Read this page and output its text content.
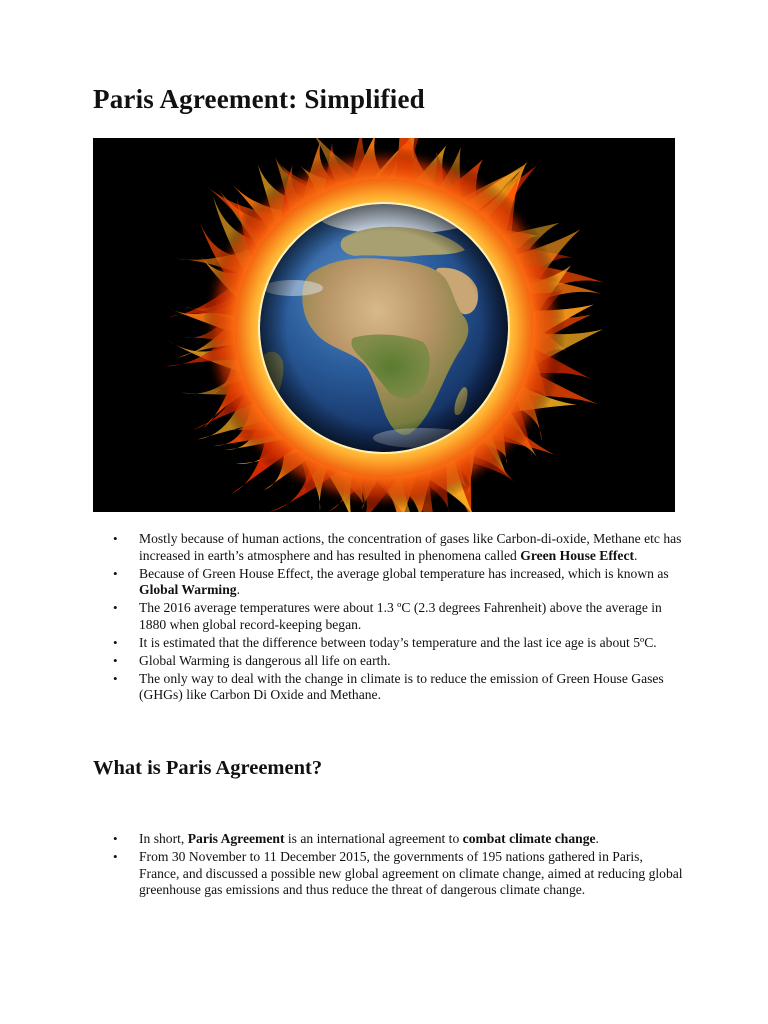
Paris Agreement: Simplified
• Mostly because of human actions, the concentration of gases like Carbon-di-oxide, Methane etc has increased in earth’s atmosphere and has resulted in phenomena called Green House Effect.
• Because of Green House Effect, the average global temperature has increased, which is known as Global Warming.
• The 2016 average temperatures were about 1.3 ºC (2.3 degrees Fahrenheit) above the average in 1880 when global record-keeping began.
• It is estimated that the difference between today’s temperature and the last ice age is about 5ºC.
• Global Warming is dangerous all life on earth.
• The only way to deal with the change in climate is to reduce the emission of Green House Gases (GHGs) like Carbon Di Oxide and Methane.
What is Paris Agreement?
• In short, Paris Agreement is an international agreement to combat climate change.
• From 30 November to 11 December 2015, the governments of 195 nations gathered in Paris, France, and discussed a possible new global agreement on climate change, aimed at reducing global greenhouse gas emissions and thus reduce the threat of dangerous climate change.
